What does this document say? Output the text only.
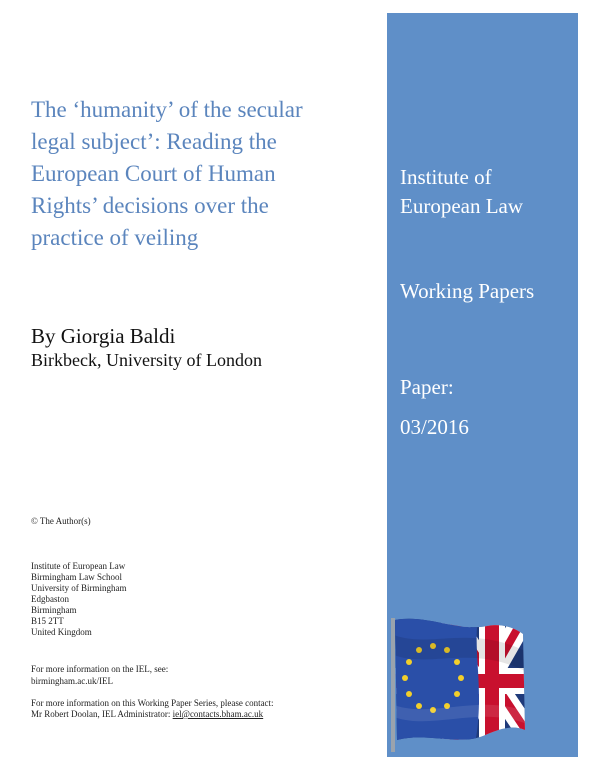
Institute of
European Law
Working Papers
Paper:
03/2016
The ‘humanity’ of the secular
legal subject’: Reading the
European Court of Human
Rights’ decisions over the
practice of veiling
By Giorgia Baldi
Birkbeck, University of London
© The Author(s)
Institute of European Law
Birmingham Law School
University of Birmingham
Edgbaston
Birmingham
B15 2TT
United Kingdom
For more information on the IEL, see:
birmingham.ac.uk/IEL
For more information on this Working Paper Series, please contact:
Mr Robert Doolan, IEL Administrator: iel@contacts.bham.ac.uk
